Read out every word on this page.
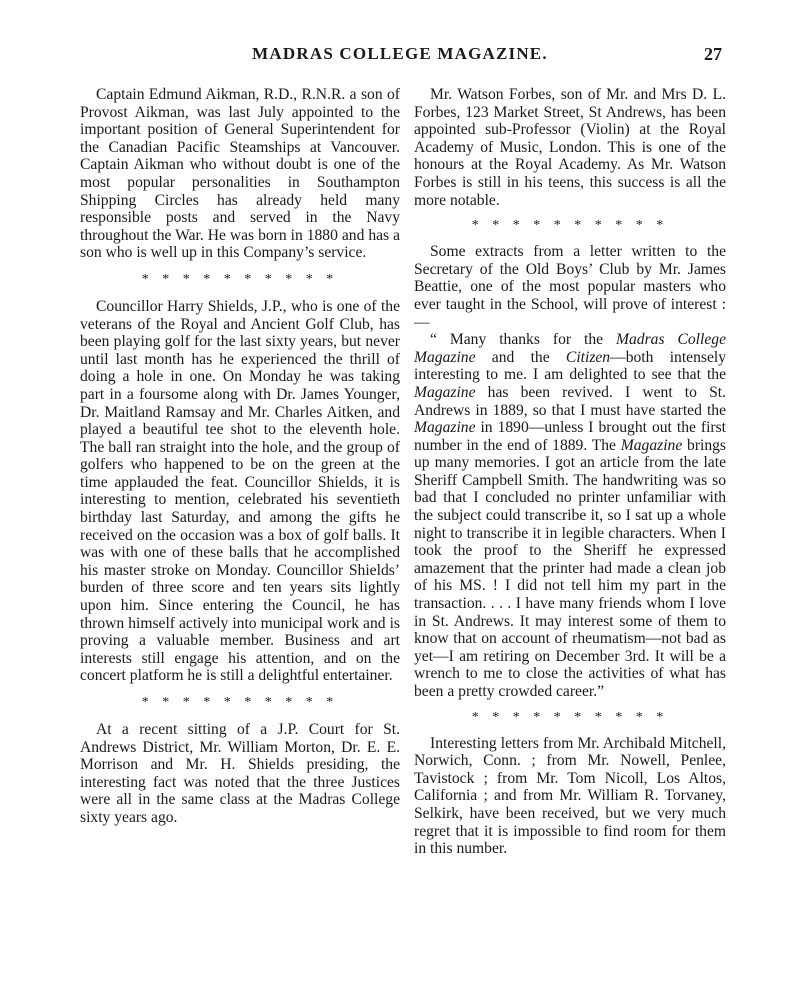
MADRAS COLLEGE MAGAZINE.	27

Captain Edmund Aikman, R.D., R.N.R. a son of Provost Aikman, was last July appointed to the important position of General Superintendent for the Canadian Pacific Steamships at Vancouver. Captain Aikman who without doubt is one of the most popular personalities in Southampton Shipping Circles has already held many responsible posts and served in the Navy throughout the War. He was born in 1880 and has a son who is well up in this Company’s service.

* * * * * * * * * *

Councillor Harry Shields, J.P., who is one of the veterans of the Royal and Ancient Golf Club, has been playing golf for the last sixty years, but never until last month has he experienced the thrill of doing a hole in one. On Monday he was taking part in a foursome along with Dr. James Younger, Dr. Maitland Ramsay and Mr. Charles Aitken, and played a beautiful tee shot to the eleventh hole. The ball ran straight into the hole, and the group of golfers who happened to be on the green at the time applauded the feat. Councillor Shields, it is interesting to mention, celebrated his seventieth birthday last Saturday, and among the gifts he received on the occasion was a box of golf balls. It was with one of these balls that he accomplished his master stroke on Monday. Councillor Shields’ burden of three score and ten years sits lightly upon him. Since entering the Council, he has thrown himself actively into municipal work and is proving a valuable member. Business and art interests still engage his attention, and on the concert platform he is still a delightful entertainer.

* * * * * * * * * *

At a recent sitting of a J.P. Court for St. Andrews District, Mr. William Morton, Dr. E. E. Morrison and Mr. H. Shields presiding, the interesting fact was noted that the three Justices were all in the same class at the Madras College sixty years ago.

Mr. Watson Forbes, son of Mr. and Mrs D. L. Forbes, 123 Market Street, St Andrews, has been appointed sub-Professor (Violin) at the Royal Academy of Music, London. This is one of the honours at the Royal Academy. As Mr. Watson Forbes is still in his teens, this success is all the more notable.

* * * * * * * * * *

Some extracts from a letter written to the Secretary of the Old Boys’ Club by Mr. James Beattie, one of the most popular masters who ever taught in the School, will prove of interest :—

“ Many thanks for the Madras College Magazine and the Citizen—both intensely interesting to me. I am delighted to see that the Magazine has been revived. I went to St. Andrews in 1889, so that I must have started the Magazine in 1890—unless I brought out the first number in the end of 1889. The Magazine brings up many memories. I got an article from the late Sheriff Campbell Smith. The handwriting was so bad that I concluded no printer unfamiliar with the subject could transcribe it, so I sat up a whole night to transcribe it in legible characters. When I took the proof to the Sheriff he expressed amazement that the printer had made a clean job of his MS. ! I did not tell him my part in the transaction. . . . I have many friends whom I love in St. Andrews. It may interest some of them to know that on account of rheumatism—not bad as yet—I am retiring on December 3rd. It will be a wrench to me to close the activities of what has been a pretty crowded career.”

* * * * * * * * * *

Interesting letters from Mr. Archibald Mitchell, Norwich, Conn. ; from Mr. Nowell, Penlee, Tavistock ; from Mr. Tom Nicoll, Los Altos, California ; and from Mr. William R. Torvaney, Selkirk, have been received, but we very much regret that it is impossible to find room for them in this number.
